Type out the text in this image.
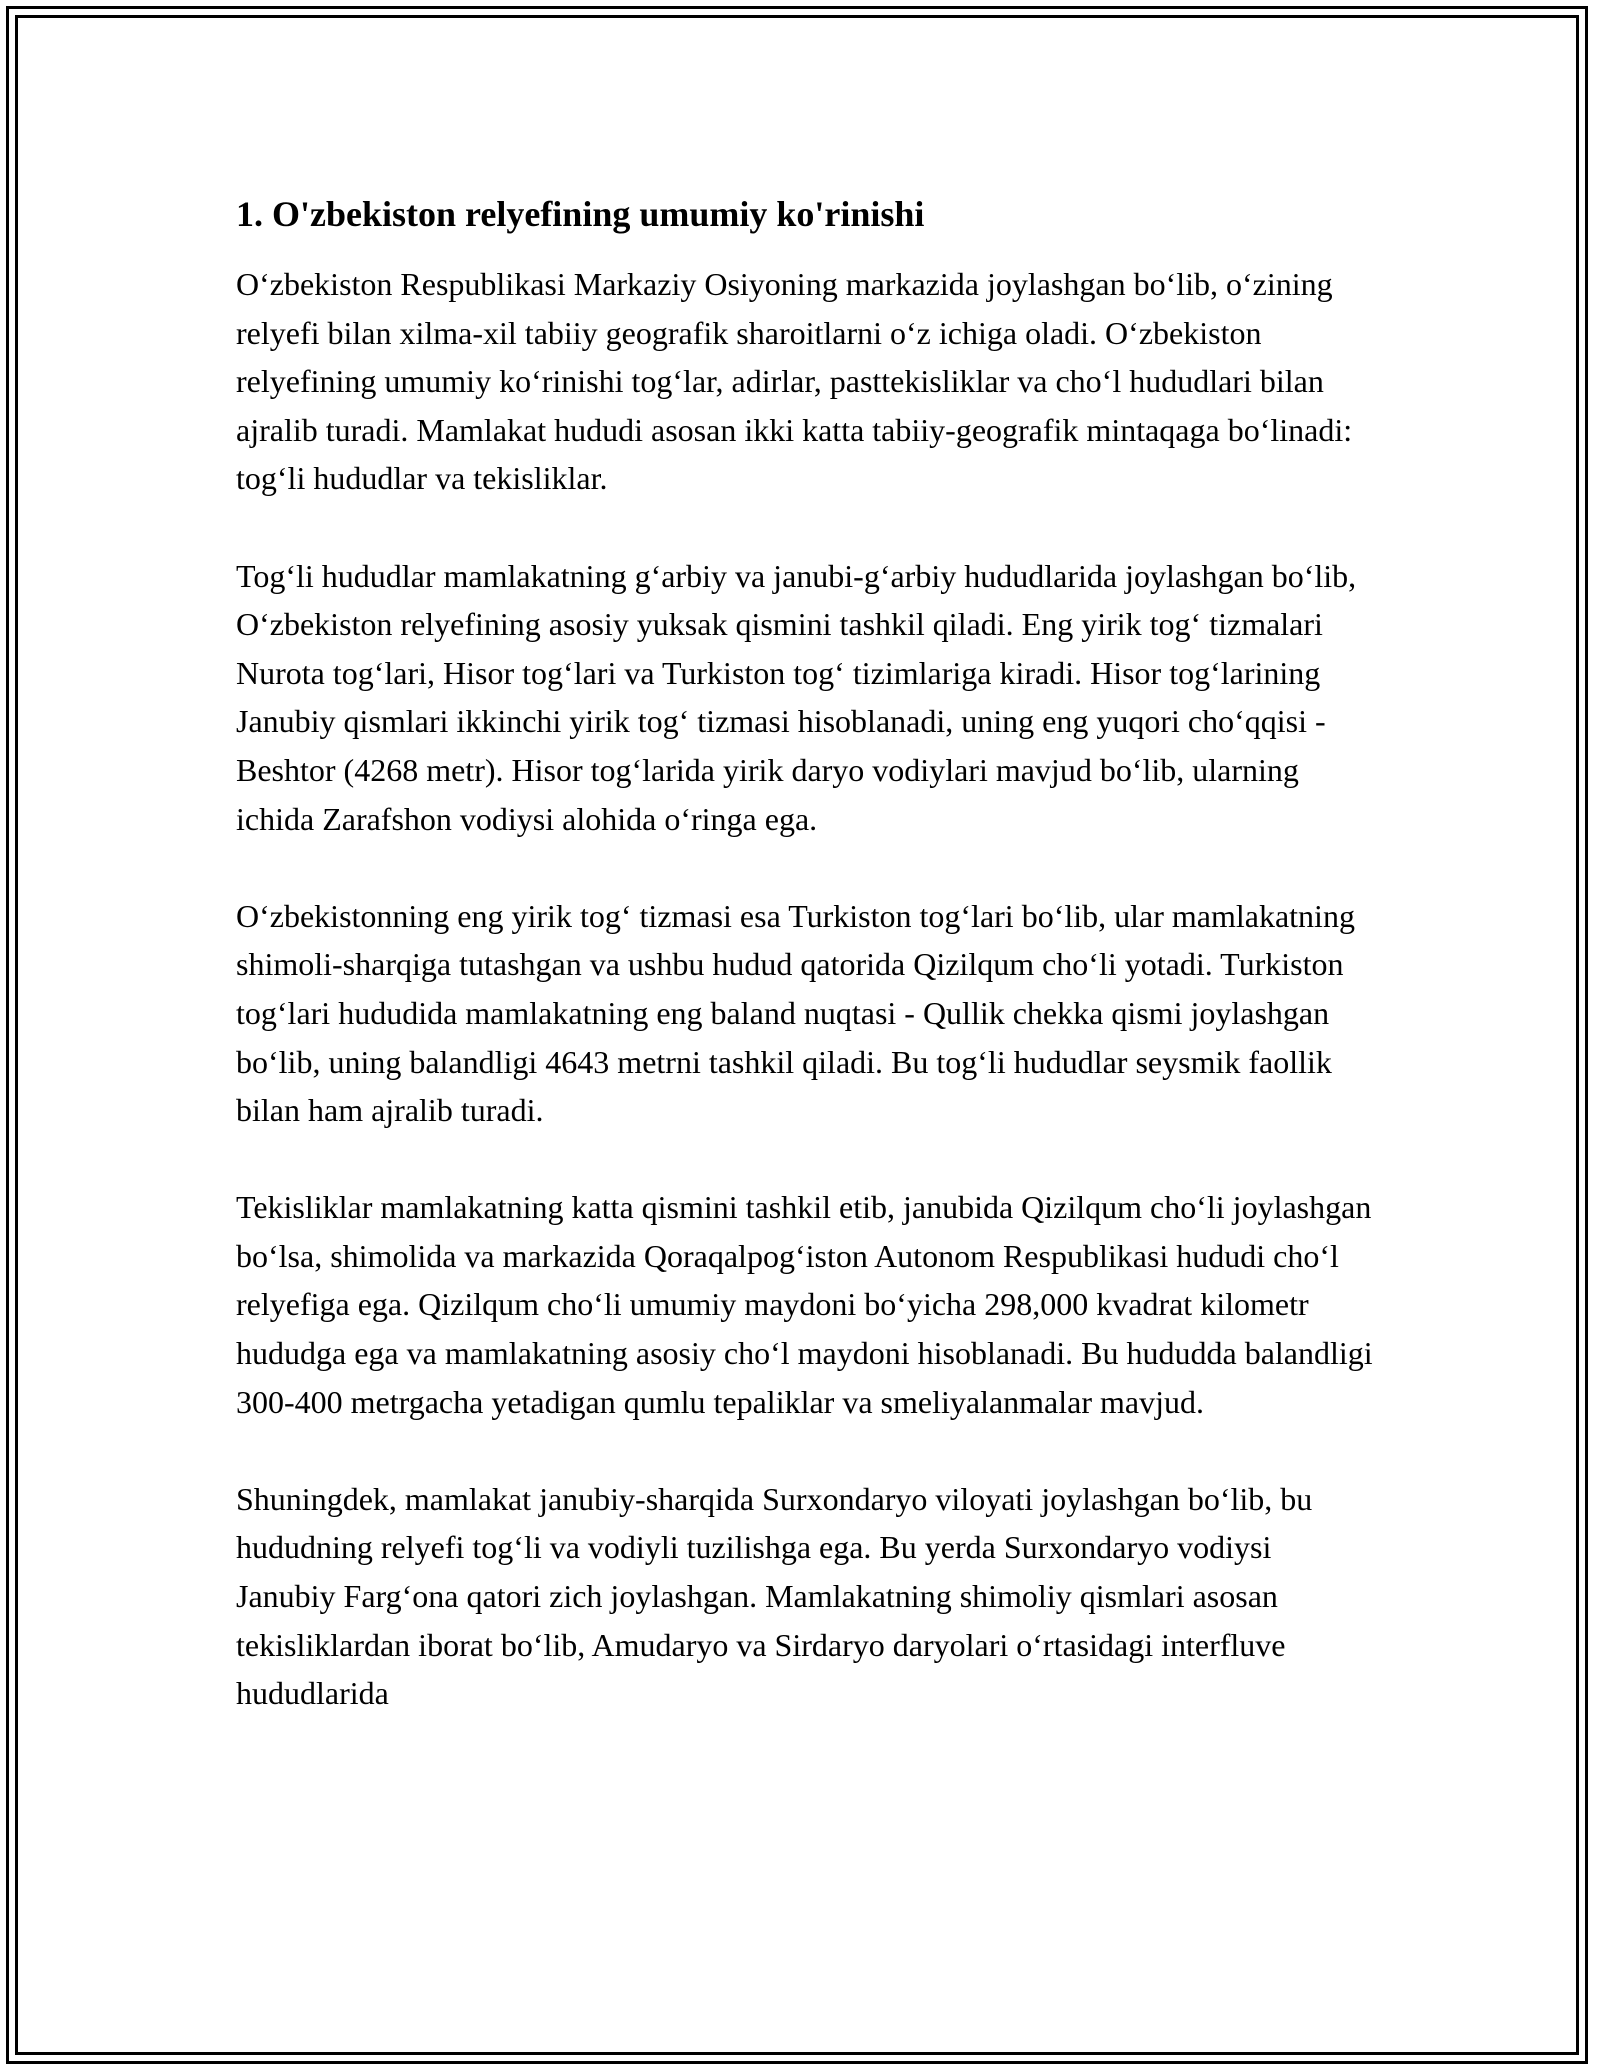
1. O'zbekiston relyefining umumiy ko'rinishi

Oʻzbekiston Respublikasi Markaziy Osiyoning markazida joylashgan boʻlib, oʻzining relyefi bilan xilma-xil tabiiy geografik sharoitlarni oʻz ichiga oladi. Oʻzbekiston relyefining umumiy koʻrinishi togʻlar, adirlar, pasttekisliklar va choʻl hududlari bilan ajralib turadi. Mamlakat hududi asosan ikki katta tabiiy-geografik mintaqaga boʻlinadi: togʻli hududlar va tekisliklar.

Togʻli hududlar mamlakatning gʻarbiy va janubi-gʻarbiy hududlarida joylashgan boʻlib, Oʻzbekiston relyefining asosiy yuksak qismini tashkil qiladi. Eng yirik togʻ tizmalari Nurota togʻlari, Hisor togʻlari va Turkiston togʻ tizimlariga kiradi. Hisor togʻlarining Janubiy qismlari ikkinchi yirik togʻ tizmasi hisoblanadi, uning eng yuqori choʻqqisi - Beshtor (4268 metr). Hisor togʻlarida yirik daryo vodiylari mavjud boʻlib, ularning ichida Zarafshon vodiysi alohida oʻringa ega.

Oʻzbekistonning eng yirik togʻ tizmasi esa Turkiston togʻlari boʻlib, ular mamlakatning shimoli-sharqiga tutashgan va ushbu hudud qatorida Qizilqum choʻli yotadi. Turkiston togʻlari hududida mamlakatning eng baland nuqtasi - Qullik chekka qismi joylashgan boʻlib, uning balandligi 4643 metrni tashkil qiladi. Bu togʻli hududlar seysmik faollik bilan ham ajralib turadi.

Tekisliklar mamlakatning katta qismini tashkil etib, janubida Qizilqum choʻli joylashgan boʻlsa, shimolida va markazida Qoraqalpogʻiston Autonom Respublikasi hududi choʻl relyefiga ega. Qizilqum choʻli umumiy maydoni boʻyicha 298,000 kvadrat kilometr hududga ega va mamlakatning asosiy choʻl maydoni hisoblanadi. Bu hududda balandligi 300-400 metrgacha yetadigan qumlu tepaliklar va smeliyalanmalar mavjud.

Shuningdek, mamlakat janubiy-sharqida Surxondaryo viloyati joylashgan boʻlib, bu hududning relyefi togʻli va vodiyli tuzilishga ega. Bu yerda Surxondaryo vodiysi Janubiy Fargʻona qatori zich joylashgan. Mamlakatning shimoliy qismlari asosan tekisliklardan iborat boʻlib, Amudaryo va Sirdaryo daryolari oʻrtasidagi interfluve hududlarida
